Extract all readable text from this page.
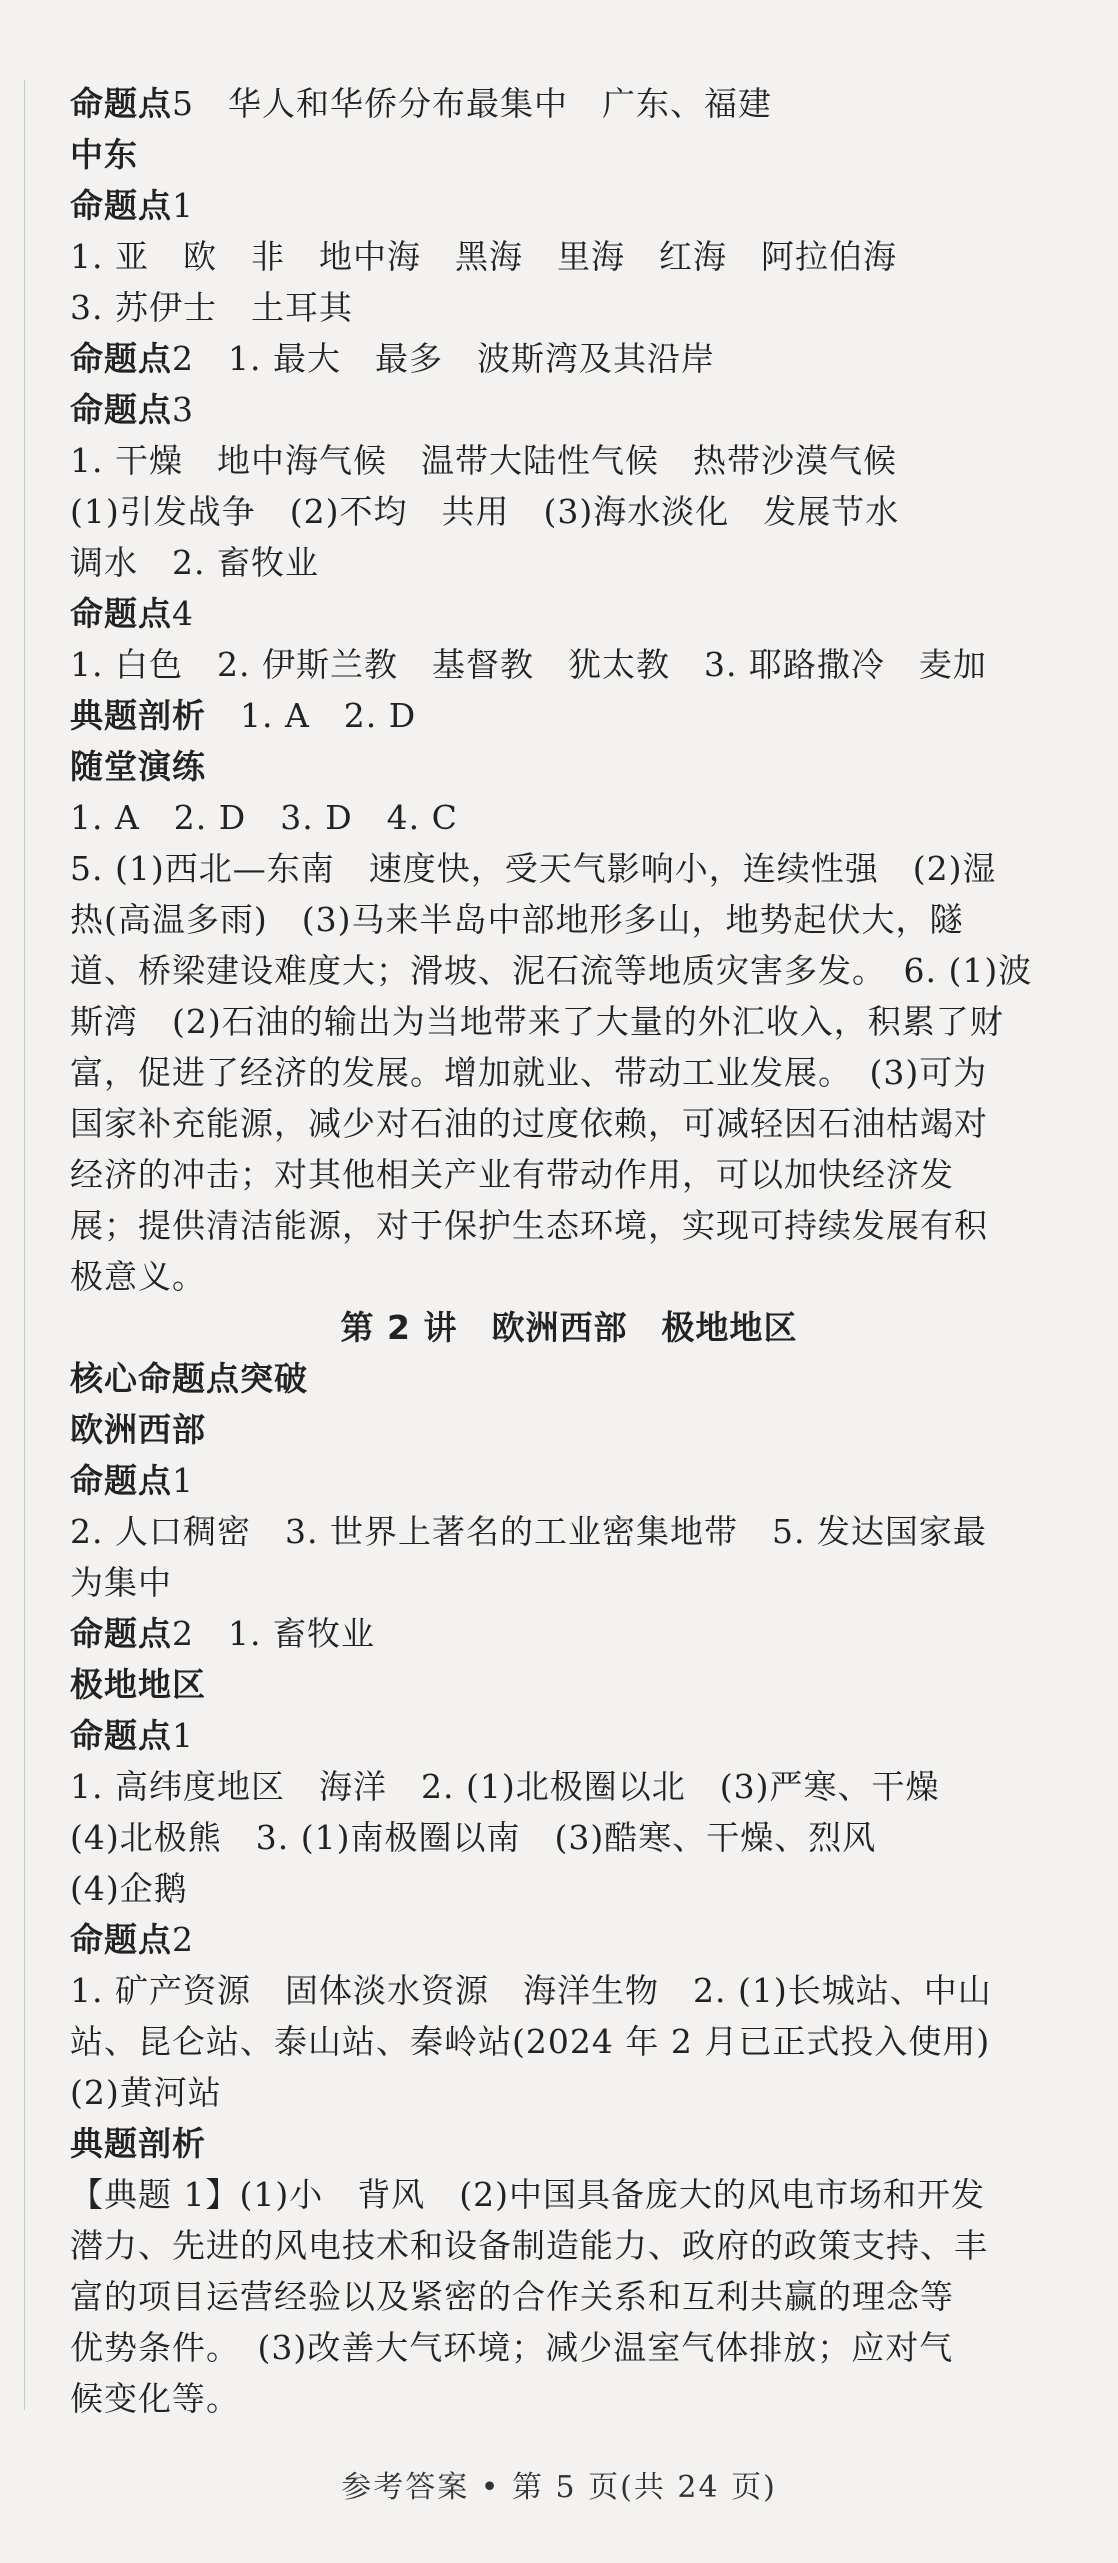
命题点5 华人和华侨分布最集中 广东、福建
中东
命题点1
1. 亚　欧　非　地中海　黑海　里海　红海　阿拉伯海
3. 苏伊士　土耳其
命题点2 1. 最大　最多　波斯湾及其沿岸
命题点3
1. 干燥　地中海气候　温带大陆性气候　热带沙漠气候
(1)引发战争　(2)不均　共用　(3)海水淡化　发展节水
调水　2. 畜牧业
命题点4
1. 白色　2. 伊斯兰教　基督教　犹太教　3. 耶路撒冷　麦加
典题剖析 1. A　2. D
随堂演练
1. A　2. D　3. D　4. C
5. (1)西北—东南　速度快，受天气影响小，连续性强　(2)湿
热(高温多雨)　(3)马来半岛中部地形多山，地势起伏大，隧
道、桥梁建设难度大；滑坡、泥石流等地质灾害多发。　6. (1)波
斯湾　(2)石油的输出为当地带来了大量的外汇收入，积累了财
富，促进了经济的发展。增加就业、带动工业发展。　(3)可为
国家补充能源，减少对石油的过度依赖，可减轻因石油枯竭对
经济的冲击；对其他相关产业有带动作用，可以加快经济发
展；提供清洁能源，对于保护生态环境，实现可持续发展有积
极意义。
第 2 讲　欧洲西部　极地地区
核心命题点突破
欧洲西部
命题点1
2. 人口稠密　3. 世界上著名的工业密集地带　5. 发达国家最
为集中
命题点2 1. 畜牧业
极地地区
命题点1
1. 高纬度地区　海洋　2. (1)北极圈以北　(3)严寒、干燥
(4)北极熊　3. (1)南极圈以南　(3)酷寒、干燥、烈风
(4)企鹅
命题点2
1. 矿产资源　固体淡水资源　海洋生物　2. (1)长城站、中山
站、昆仑站、泰山站、秦岭站(2024 年 2 月已正式投入使用)
(2)黄河站
典题剖析
【典题 1】(1)小　背风　(2)中国具备庞大的风电市场和开发
潜力、先进的风电技术和设备制造能力、政府的政策支持、丰
富的项目运营经验以及紧密的合作关系和互利共赢的理念等
优势条件。　(3)改善大气环境；减少温室气体排放；应对气
候变化等。
参考答案 • 第 5 页(共 24 页)
